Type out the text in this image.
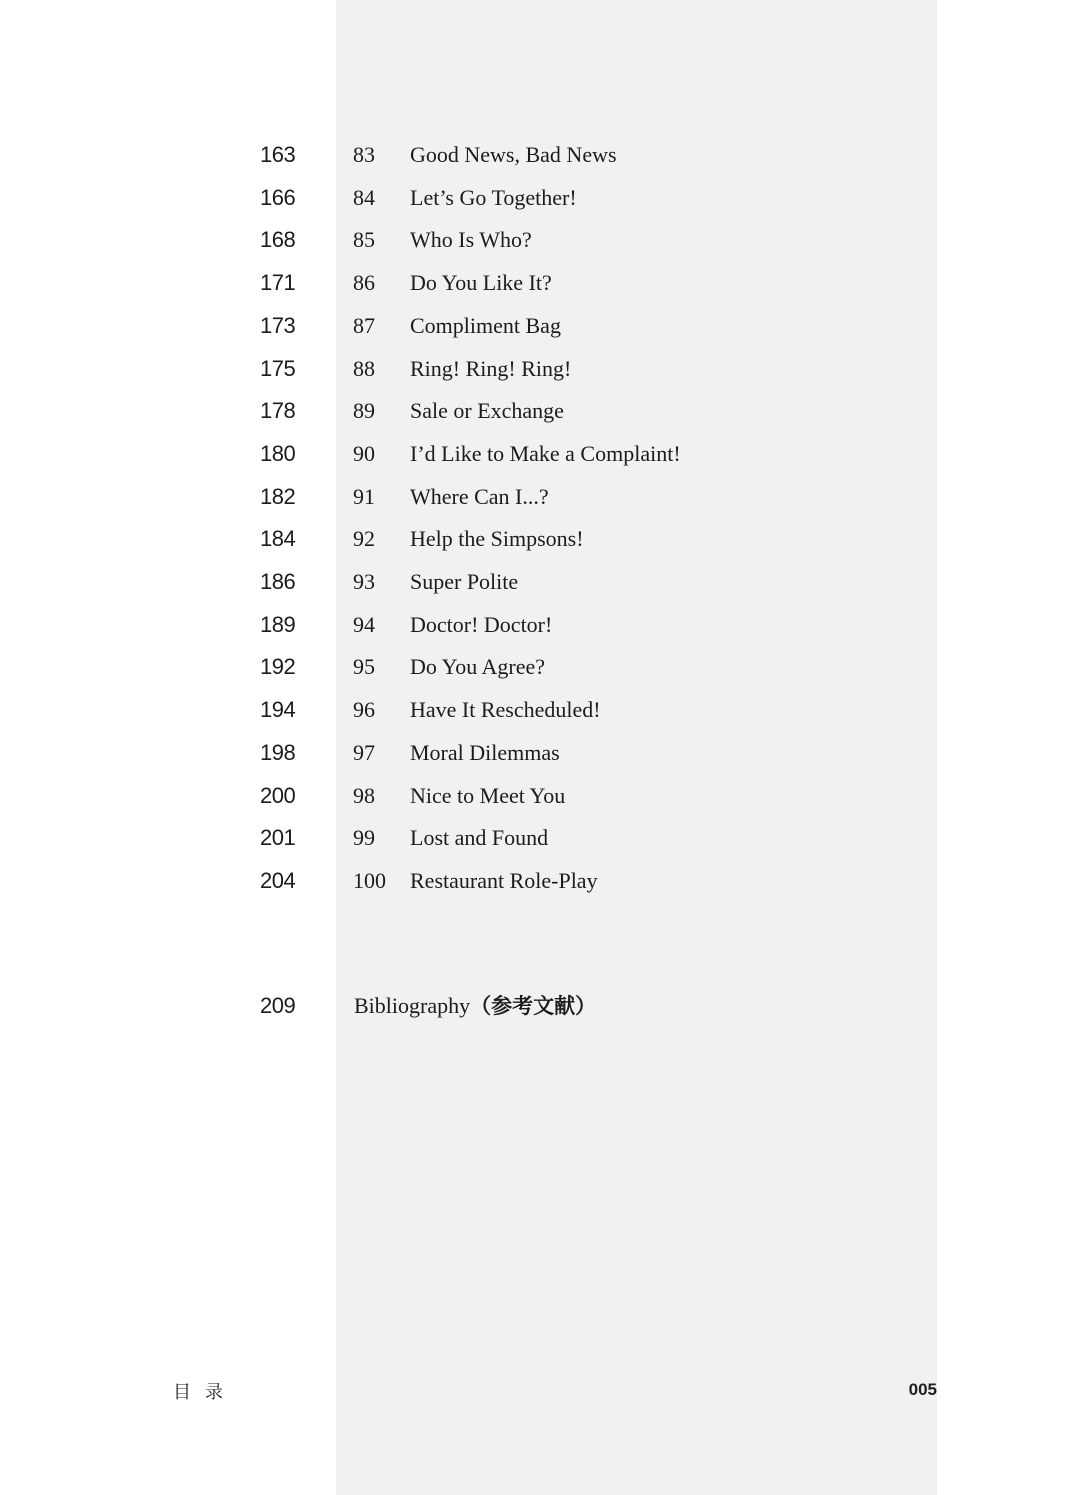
163	83	Good News, Bad News
166	84	Let’s Go Together!
168	85	Who Is Who?
171	86	Do You Like It?
173	87	Compliment Bag
175	88	Ring! Ring! Ring!
178	89	Sale or Exchange
180	90	I’d Like to Make a Complaint!
182	91	Where Can I...?
184	92	Help the Simpsons!
186	93	Super Polite
189	94	Doctor! Doctor!
192	95	Do You Agree?
194	96	Have It Rescheduled!
198	97	Moral Dilemmas
200	98	Nice to Meet You
201	99	Lost and Found
204	100	Restaurant Role-Play
209	Bibliography（参考文献）
目录	005
